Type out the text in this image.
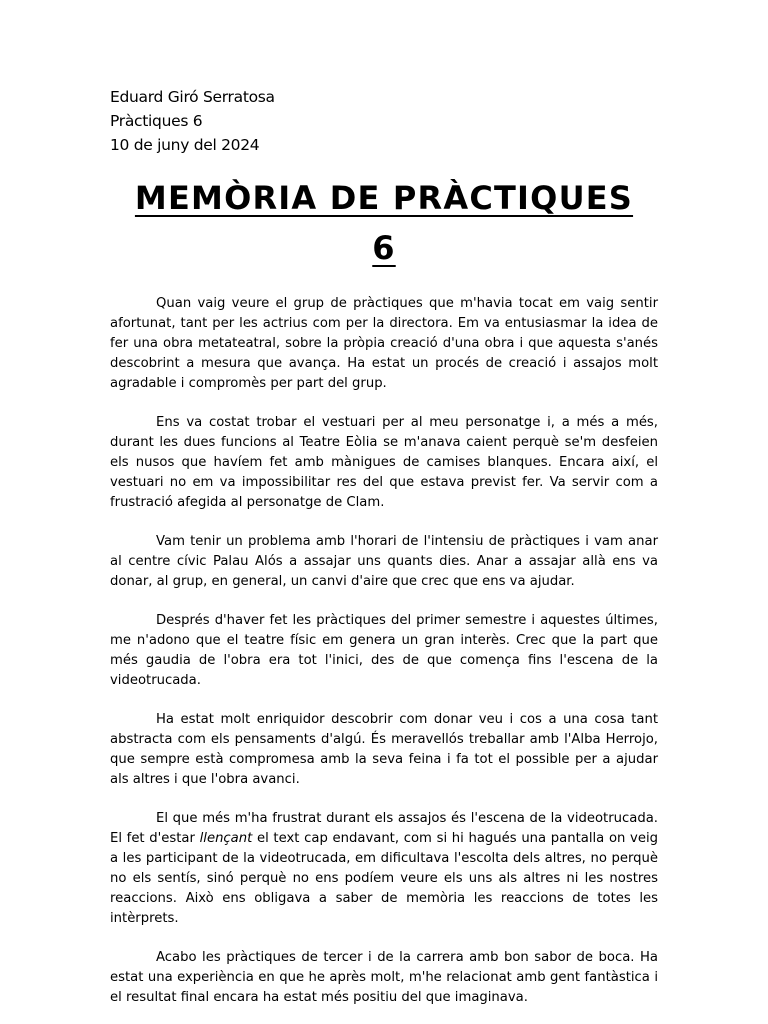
Eduard Giró Serratosa
Pràctiques 6
10 de juny del 2024
MEMÒRIA DE PRÀCTIQUES
6

Quan vaig veure el grup de pràctiques que m'havia tocat em vaig sentir afortunat, tant per les actrius com per la directora. Em va entusiasmar la idea de fer una obra metateatral, sobre la pròpia creació d'una obra i que aquesta s'anés descobrint a mesura que avança. Ha estat un procés de creació i assajos molt agradable i compromès per part del grup.

Ens va costat trobar el vestuari per al meu personatge i, a més a més, durant les dues funcions al Teatre Eòlia se m'anava caient perquè se'm desfeien els nusos que havíem fet amb mànigues de camises blanques. Encara així, el vestuari no em va impossibilitar res del que estava previst fer. Va servir com a frustració afegida al personatge de Clam.

Vam tenir un problema amb l'horari de l'intensiu de pràctiques i vam anar al centre cívic Palau Alós a assajar uns quants dies. Anar a assajar allà ens va donar, al grup, en general, un canvi d'aire que crec que ens va ajudar.

Després d'haver fet les pràctiques del primer semestre i aquestes últimes, me n'adono que el teatre físic em genera un gran interès. Crec que la part que més gaudia de l'obra era tot l'inici, des de que comença fins l'escena de la videotrucada.

Ha estat molt enriquidor descobrir com donar veu i cos a una cosa tant abstracta com els pensaments d'algú. És meravellós treballar amb l'Alba Herrojo, que sempre està compromesa amb la seva feina i fa tot el possible per a ajudar als altres i que l'obra avanci.

El que més m'ha frustrat durant els assajos és l'escena de la videotrucada. El fet d'estar llençant el text cap endavant, com si hi hagués una pantalla on veig a les participant de la videotrucada, em dificultava l'escolta dels altres, no perquè no els sentís, sinó perquè no ens podíem veure els uns als altres ni les nostres reaccions. Això ens obligava a saber de memòria les reaccions de totes les intèrprets.

Acabo les pràctiques de tercer i de la carrera amb bon sabor de boca. Ha estat una experiència en que he après molt, m'he relacionat amb gent fantàstica i el resultat final encara ha estat més positiu del que imaginava.
